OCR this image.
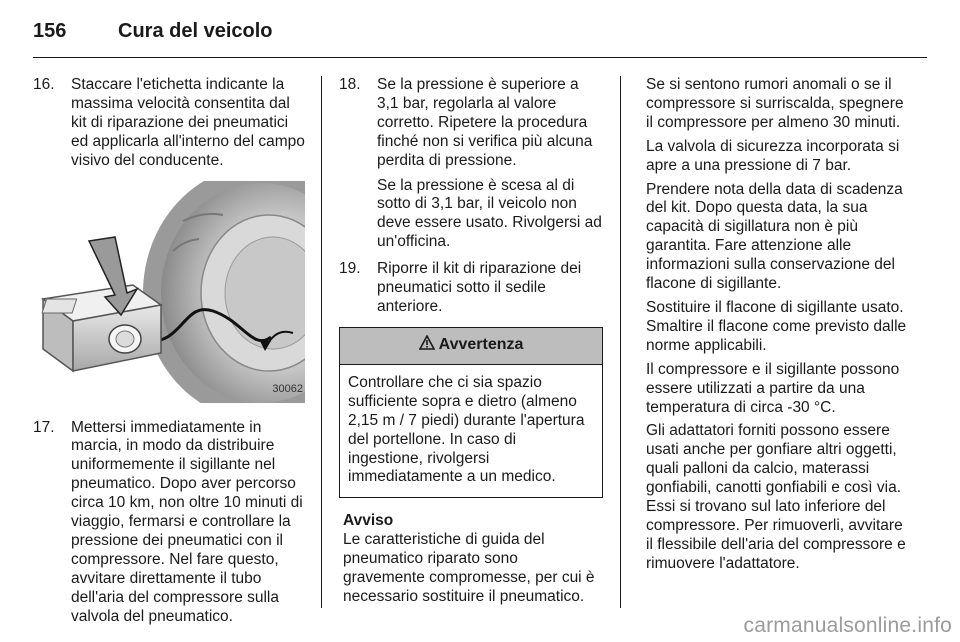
156	Cura del veicolo
16. Staccare l'etichetta indicante la massima velocità consentita dal kit di riparazione dei pneumatici ed applicarla all'interno del campo visivo del conducente.

30062
17. Mettersi immediatamente in marcia, in modo da distribuire uniformemente il sigillante nel pneumatico. Dopo aver percorso circa 10 km, non oltre 10 minuti di viaggio, fermarsi e controllare la pressione dei pneumatici con il compressore. Nel fare questo, avvitare direttamente il tubo dell'aria del compressore sulla valvola del pneumatico.

18. Se la pressione è superiore a 3,1 bar, regolarla al valore corretto. Ripetere la procedura finché non si verifica più alcuna perdita di pressione.

Se la pressione è scesa al di sotto di 3,1 bar, il veicolo non deve essere usato. Rivolgersi ad un'officina.

19. Riporre il kit di riparazione dei pneumatici sotto il sedile anteriore.

Avvertenza

Controllare che ci sia spazio sufficiente sopra e dietro (almeno 2,15 m / 7 piedi) durante l'apertura del portellone. In caso di ingestione, rivolgersi immediatamente a un medico.

Avviso

Le caratteristiche di guida del pneumatico riparato sono gravemente compromesse, per cui è necessario sostituire il pneumatico.

Se si sentono rumori anomali o se il compressore si surriscalda, spegnere il compressore per almeno 30 minuti.

La valvola di sicurezza incorporata si apre a una pressione di 7 bar.

Prendere nota della data di scadenza del kit. Dopo questa data, la sua capacità di sigillatura non è più garantita. Fare attenzione alle informazioni sulla conservazione del flacone di sigillante.

Sostituire il flacone di sigillante usato. Smaltire il flacone come previsto dalle norme applicabili.

Il compressore e il sigillante possono essere utilizzati a partire da una temperatura di circa -30 °C.

Gli adattatori forniti possono essere usati anche per gonfiare altri oggetti, quali palloni da calcio, materassi gonfiabili, canotti gonfiabili e così via. Essi si trovano sul lato inferiore del compressore. Per rimuoverli, avvitare il flessibile dell'aria del compressore e rimuovere l'adattatore.

carmanualsonline.info
